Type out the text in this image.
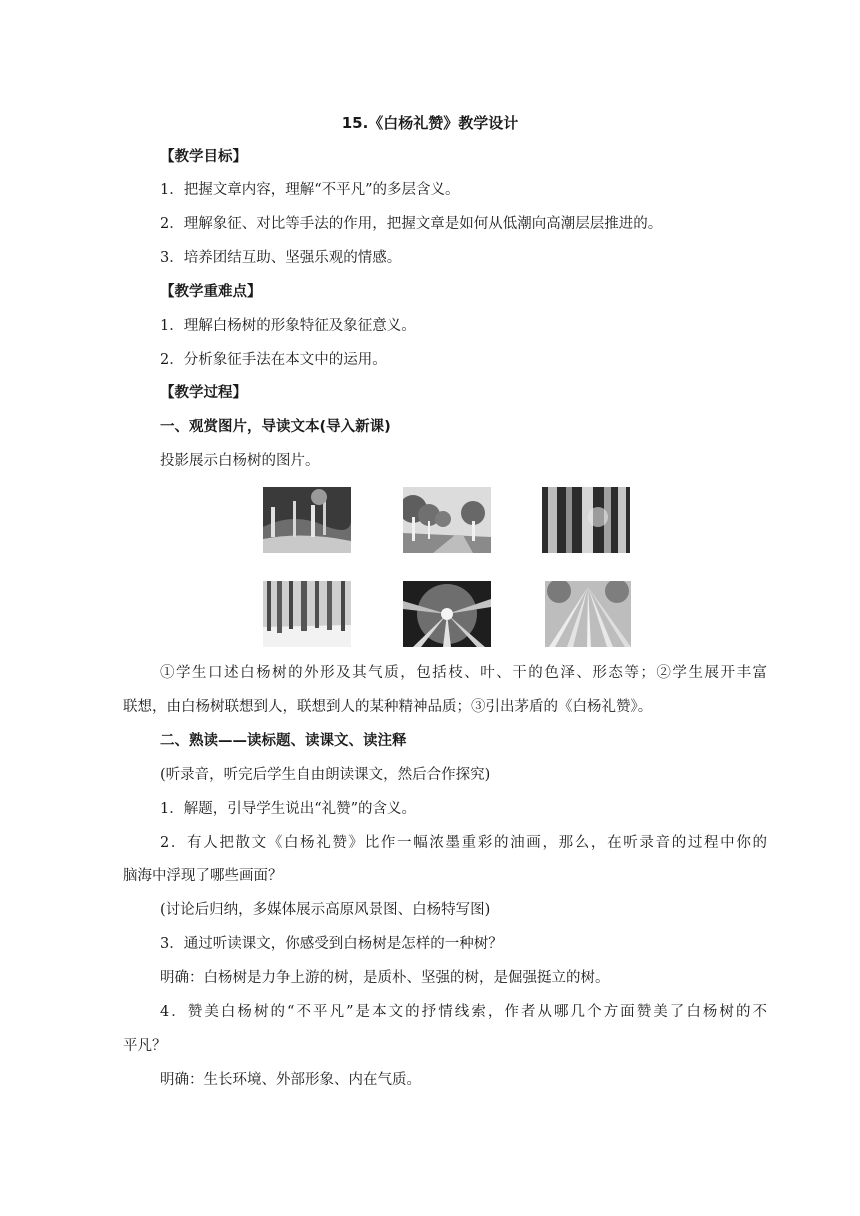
15.《白杨礼赞》教学设计
【教学目标】
1．把握文章内容，理解“不平凡”的多层含义。
2．理解象征、对比等手法的作用，把握文章是如何从低潮向高潮层层推进的。
3．培养团结互助、坚强乐观的情感。
【教学重难点】
1．理解白杨树的形象特征及象征意义。
2．分析象征手法在本文中的运用。
【教学过程】
一、观赏图片，导读文本(导入新课)
投影展示白杨树的图片。
①学生口述白杨树的外形及其气质，包括枝、叶、干的色泽、形态等；②学生展开丰富
联想，由白杨树联想到人，联想到人的某种精神品质；③引出茅盾的《白杨礼赞》。
二、熟读——读标题、读课文、读注释
(听录音，听完后学生自由朗读课文，然后合作探究)
1．解题，引导学生说出“礼赞”的含义。
2．有人把散文《白杨礼赞》比作一幅浓墨重彩的油画，那么，在听录音的过程中你的
脑海中浮现了哪些画面？
(讨论后归纳，多媒体展示高原风景图、白杨特写图)
3．通过听读课文，你感受到白杨树是怎样的一种树？
明确：白杨树是力争上游的树，是质朴、坚强的树，是倔强挺立的树。
4．赞美白杨树的“不平凡”是本文的抒情线索，作者从哪几个方面赞美了白杨树的不
平凡？
明确：生长环境、外部形象、内在气质。
